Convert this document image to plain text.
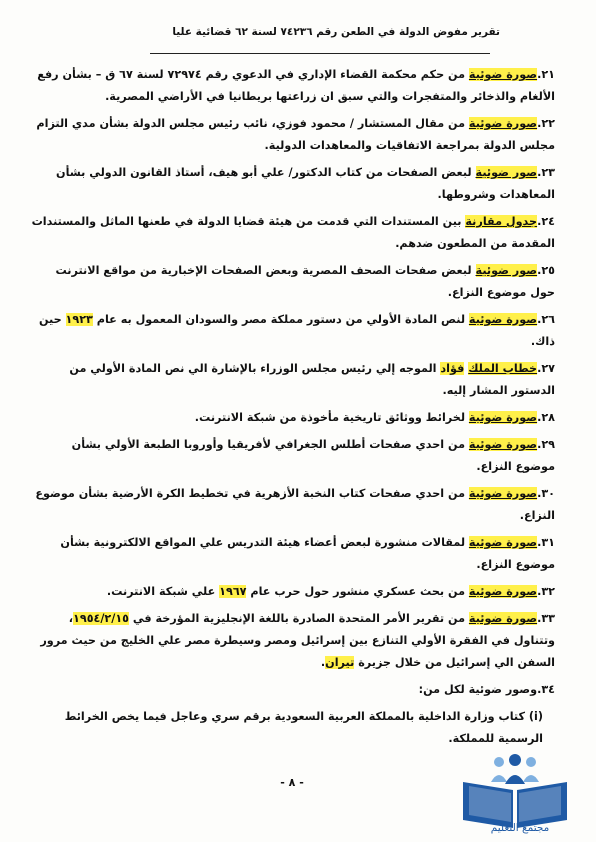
تقرير مفوض الدولة في الطعن رقم ٧٤٢٣٦ لسنة ٦٢ قضائية عليا
٢١.صورة ضوئية من حكم محكمة القضاء الإداري في الدعوي رقم ٧٢٩٧٤ لسنة ٦٧ ق – بشأن رفع الألغام والذخائر والمتفجرات والتي سبق ان زراعتها بريطانيا في الأراضي المصرية.
٢٢.صورة ضوئية من مقال المستشار / محمود فوزي، نائب رئيس مجلس الدولة بشأن مدي التزام مجلس الدولة بمراجعة الاتفاقيات والمعاهدات الدولية.
٢٣.صور ضوئية لبعض الصفحات من كتاب الدكتور/ علي أبو هيف، أستاذ القانون الدولي بشأن المعاهدات وشروطها.
٢٤.جدول مقارنة بين المستندات التي قدمت من هيئة قضايا الدولة في طعنها الماثل والمستندات المقدمة من المطعون ضدهم.
٢٥.صور ضوئية لبعض صفحات الصحف المصرية وبعض الصفحات الإخبارية من مواقع الانترنت حول موضوع النزاع.
٢٦.صورة ضوئية لنص المادة الأولي من دستور مملكة مصر والسودان المعمول به عام ١٩٢٣ حين ذاك.
٢٧.خطاب الملك فؤاد الموجه إلي رئيس مجلس الوزراء بالإشارة الي نص المادة الأولي من الدستور المشار إليه.
٢٨.صورة ضوئية لخرائط ووثائق تاريخية مأخوذة من شبكة الانترنت.
٢٩.صورة ضوئية من احدي صفحات أطلس الجغرافي لأفريقيا وأوروبا الطبعة الأولي بشأن موضوع النزاع.
٣٠.صورة ضوئية من احدي صفحات كتاب النخبة الأزهرية في تخطيط الكرة الأرضية بشأن موضوع النزاع.
٣١.صورة ضوئية لمقالات منشورة لبعض أعضاء هيئة التدريس علي المواقع الالكترونية بشأن موضوع النزاع.
٣٢.صورة ضوئية من بحث عسكري منشور حول حرب عام ١٩٦٧ علي شبكة الانترنت.
٣٣.صورة ضوئية من تقرير الأمر المتحدة الصادرة باللغة الإنجليزية المؤرخة في ١٩٥٤/٢/١٥، وتتناول في الفقرة الأولي التنازع بين إسرائيل ومصر وسيطرة مصر علي الخليج من حيث مرور السفن الي إسرائيل من خلال جزيرة تيران.
٣٤.وصور ضوئية لكل من:
(i) كتاب وزارة الداخلية بالمملكة العربية السعودية برقم سري وعاجل فيما يخص الخرائط الرسمية للمملكة.
- ٨ -
مجتمع التعليم
